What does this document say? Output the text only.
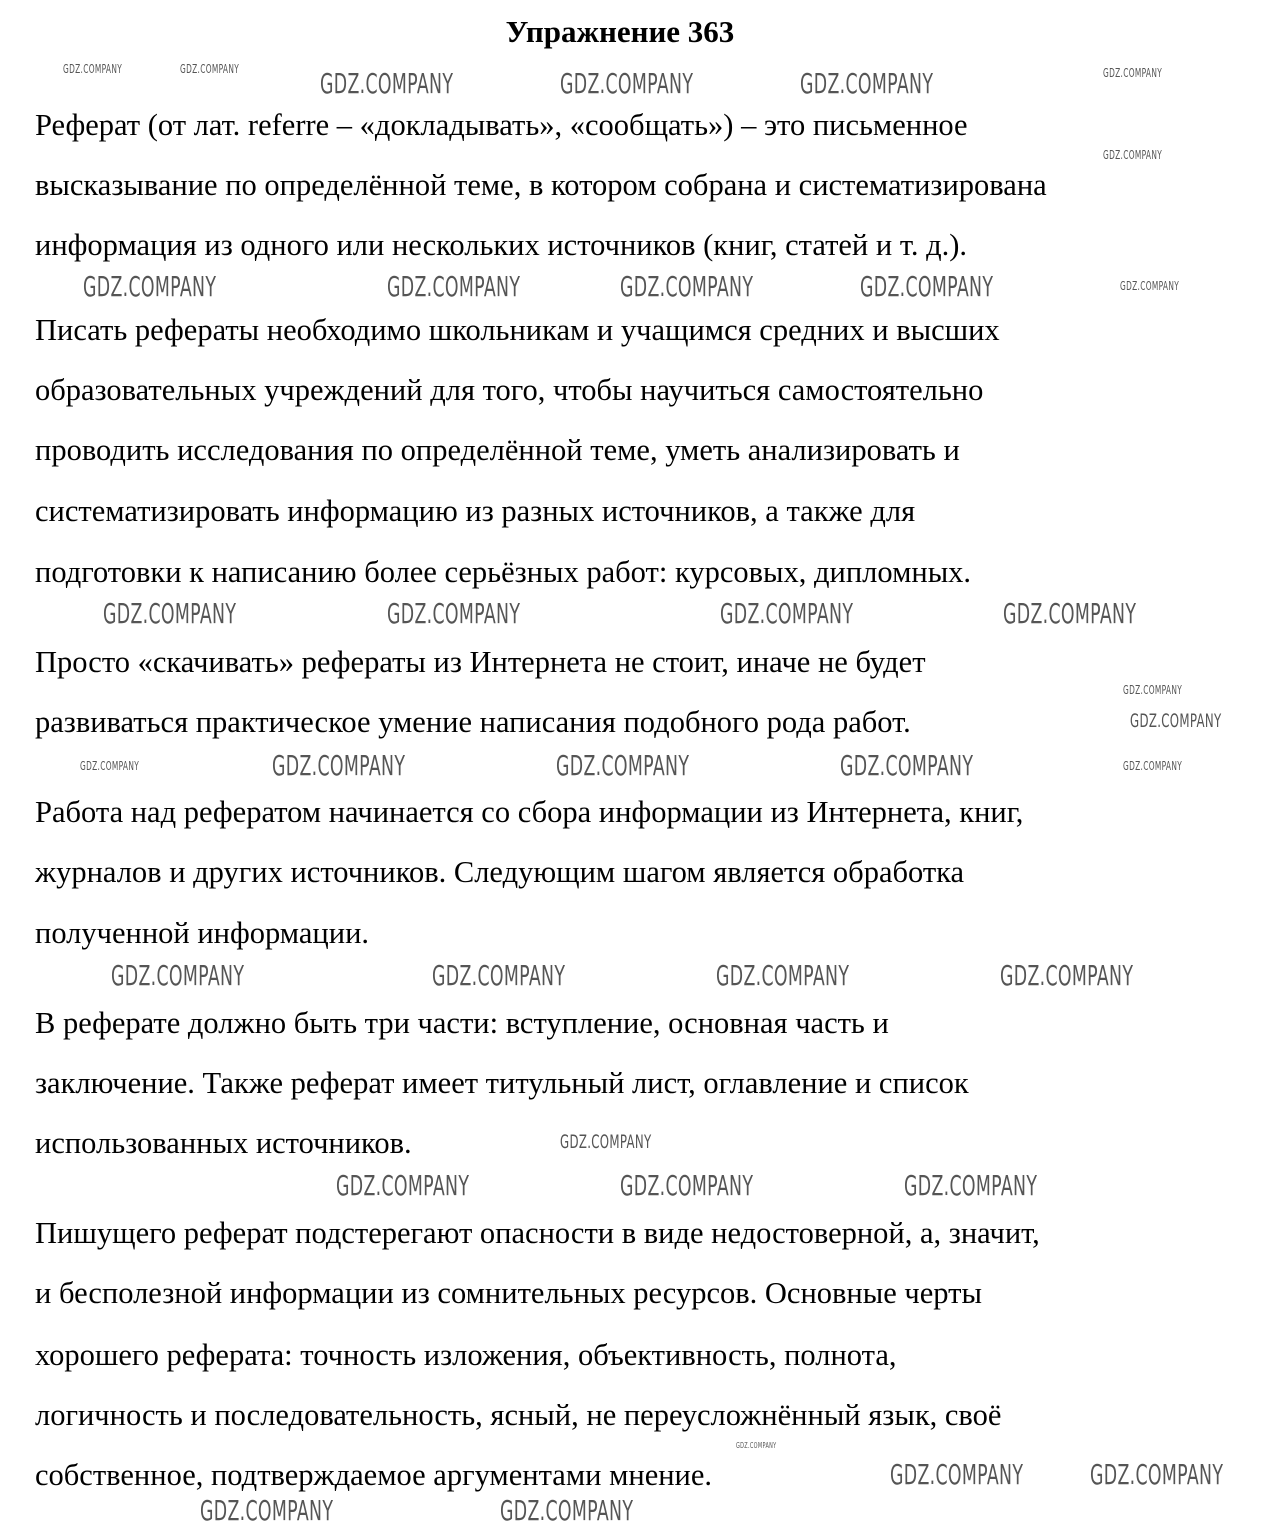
Упражнение 363
Реферат (от лат. referre – «докладывать», «сообщать») – это письменное
высказывание по определённой теме, в котором собрана и систематизирована
информация из одного или нескольких источников (книг, статей и т. д.).
Писать рефераты необходимо школьникам и учащимся средних и высших
образовательных учреждений для того, чтобы научиться самостоятельно
проводить исследования по определённой теме, уметь анализировать и
систематизировать информацию из разных источников, а также для
подготовки к написанию более серьёзных работ: курсовых, дипломных.
Просто «скачивать» рефераты из Интернета не стоит, иначе не будет
развиваться практическое умение написания подобного рода работ.
Работа над рефератом начинается со сбора информации из Интернета, книг,
журналов и других источников. Следующим шагом является обработка
полученной информации.
В реферате должно быть три части: вступление, основная часть и
заключение. Также реферат имеет титульный лист, оглавление и список
использованных источников.
Пишущего реферат подстерегают опасности в виде недостоверной, а, значит,
и бесполезной информации из сомнительных ресурсов. Основные черты
хорошего реферата: точность изложения, объективность, полнота,
логичность и последовательность, ясный, не переусложнённый язык, своё
собственное, подтверждаемое аргументами мнение.
GDZ.COMPANY	GDZ.COMPANY	GDZ.COMPANY
GDZ.COMPANY	GDZ.COMPANY	GDZ.COMPANY
GDZ.COMPANY
GDZ.COMPANY	GDZ.COMPANY	GDZ.COMPANY	GDZ.COMPANY	GDZ.COMPANY
GDZ.COMPANY	GDZ.COMPANY	GDZ.COMPANY	GDZ.COMPANY
GDZ.COMPANY
GDZ.COMPANY
GDZ.COMPANY	GDZ.COMPANY	GDZ.COMPANY	GDZ.COMPANY	GDZ.COMPANY
GDZ.COMPANY	GDZ.COMPANY	GDZ.COMPANY	GDZ.COMPANY
GDZ.COMPANY
GDZ.COMPANY	GDZ.COMPANY	GDZ.COMPANY
GDZ.COMPANY
GDZ.COMPANY GDZ.COMPANY
GDZ.COMPANY	GDZ.COMPANY
